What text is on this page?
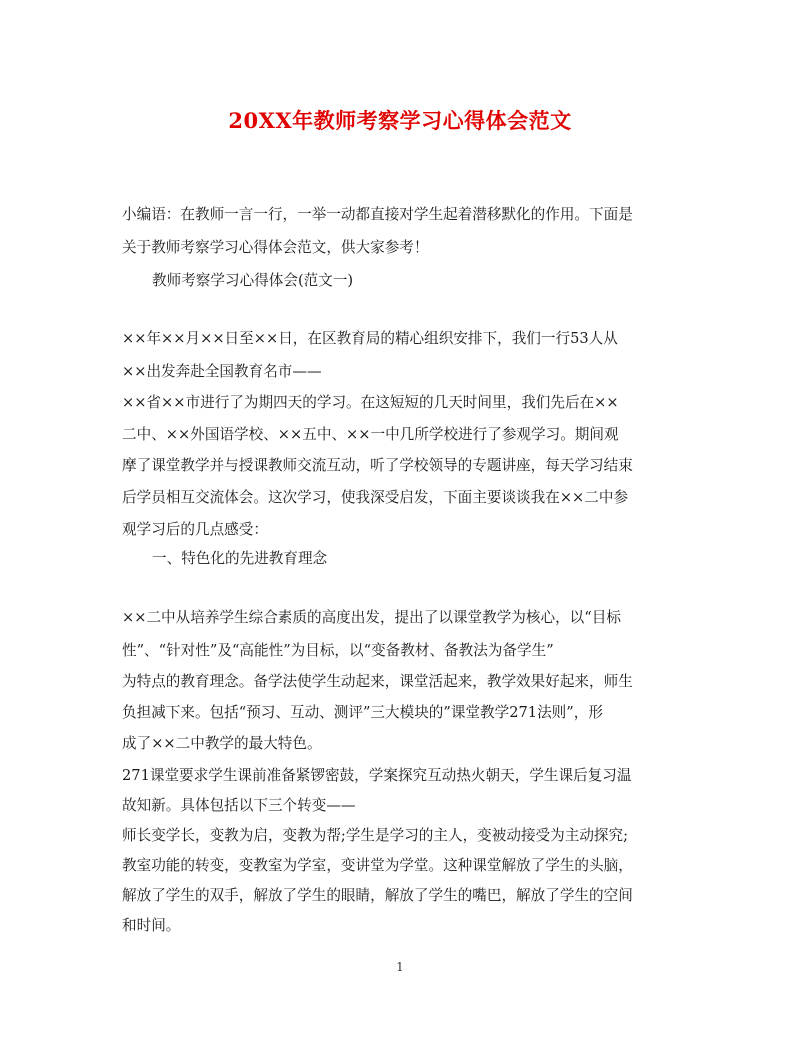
20XX年教师考察学习心得体会范文
小编语：在教师一言一行，一举一动都直接对学生起着潜移默化的作用。下面是
关于教师考察学习心得体会范文，供大家参考！
教师考察学习心得体会(范文一)
××年××月××日至××日，在区教育局的精心组织安排下，我们一行53人从
××出发奔赴全国教育名市——
××省××市进行了为期四天的学习。在这短短的几天时间里，我们先后在××
二中、××外国语学校、××五中、××一中几所学校进行了参观学习。期间观
摩了课堂教学并与授课教师交流互动，听了学校领导的专题讲座，每天学习结束
后学员相互交流体会。这次学习，使我深受启发，下面主要谈谈我在××二中参
观学习后的几点感受：
一、特色化的先进教育理念
××二中从培养学生综合素质的高度出发，提出了以课堂教学为核心，以“目标
性”、“针对性”及“高能性”为目标，以“变备教材、备教法为备学生”
为特点的教育理念。备学法使学生动起来，课堂活起来，教学效果好起来，师生
负担减下来。包括“预习、互动、测评”三大模块的”课堂教学271法则”，形
成了××二中教学的最大特色。
271课堂要求学生课前准备紧锣密鼓，学案探究互动热火朝天，学生课后复习温
故知新。具体包括以下三个转变——
师长变学长，变教为启，变教为帮;学生是学习的主人，变被动接受为主动探究;
教室功能的转变，变教室为学室，变讲堂为学堂。这种课堂解放了学生的头脑，
解放了学生的双手，解放了学生的眼睛，解放了学生的嘴巴，解放了学生的空间
和时间。
1
